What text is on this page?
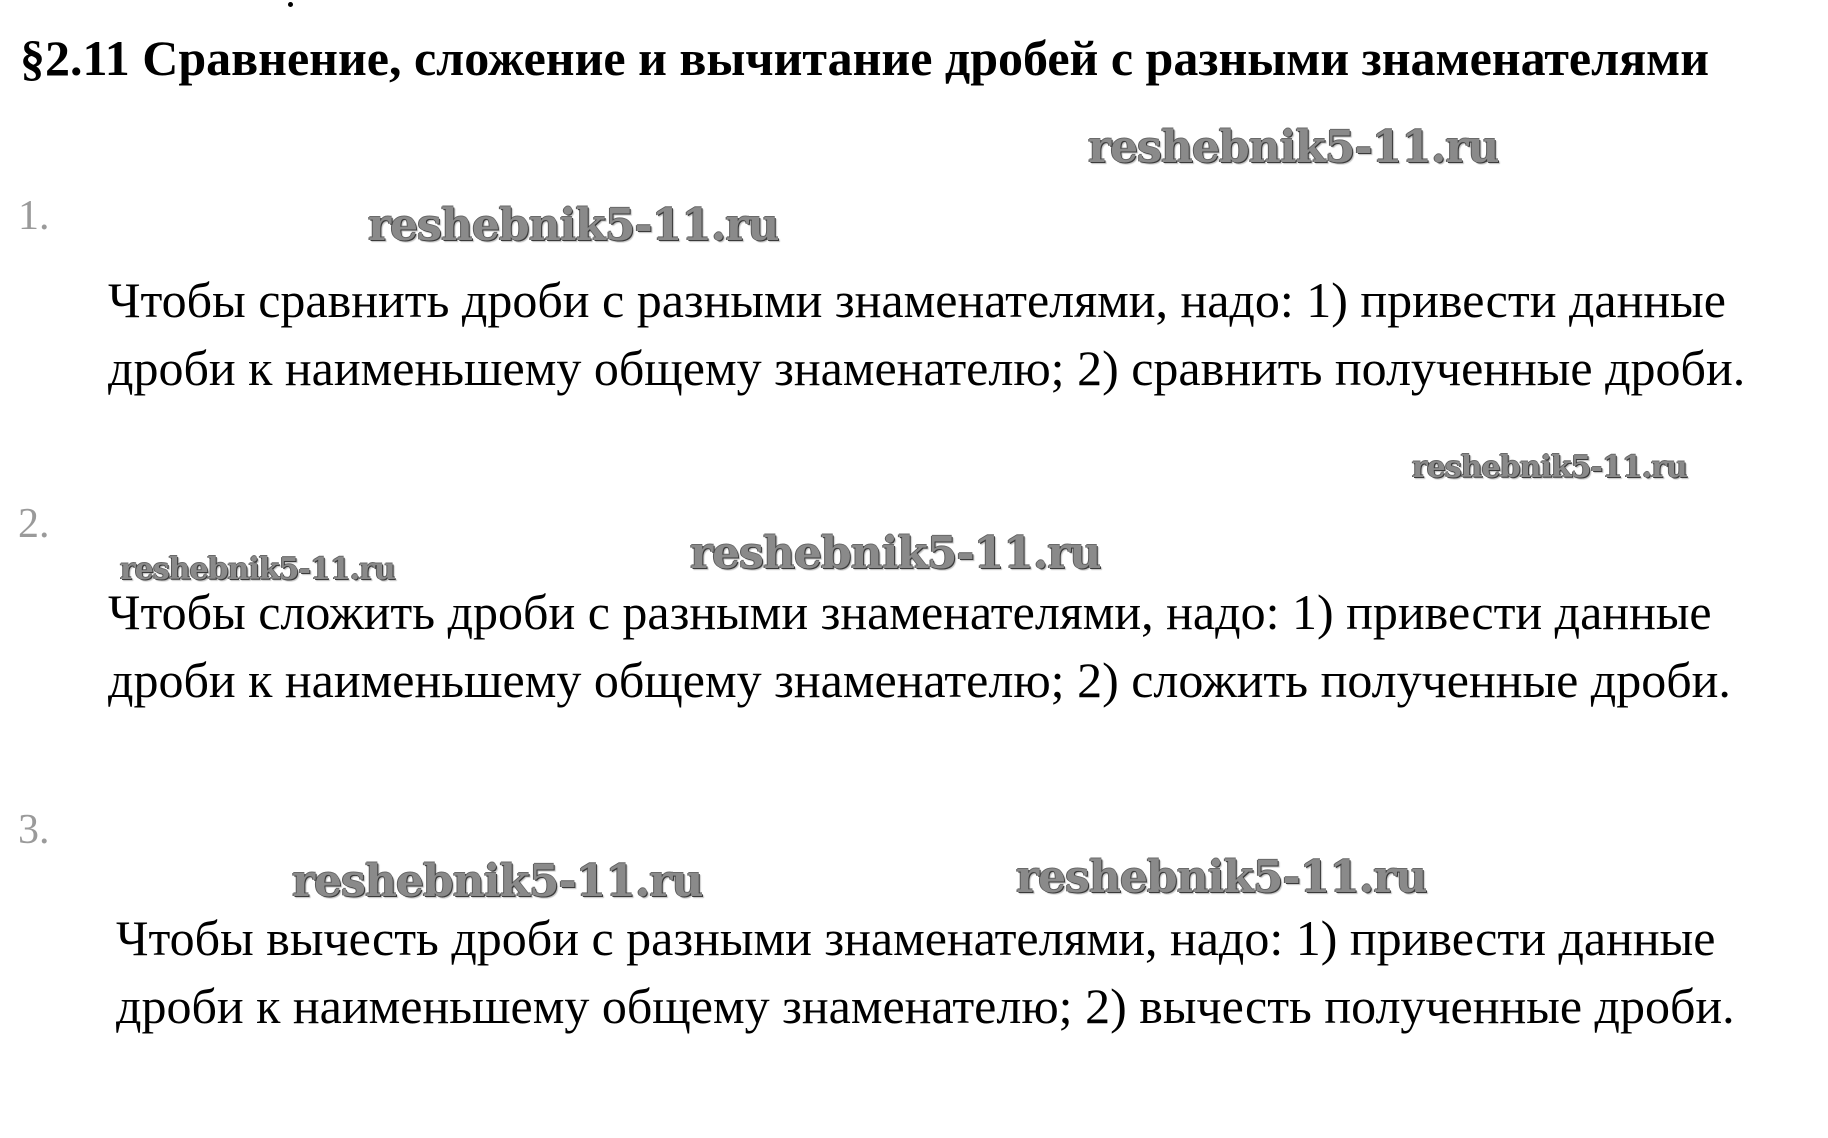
§2.11 Сравнение, сложение и вычитание дробей с разными знаменателями
reshebnik5-11.ru
reshebnik5-11.ru
reshebnik5-11.ru
reshebnik5-11.ru
reshebnik5-11.ru
reshebnik5-11.ru	reshebnik5-11.ru
1.

Чтобы сравнить дроби с разными знаменателями, надо: 1) привести данные дроби к наименьшему общему знаменателю; 2) сравнить полученные дроби.

2.

Чтобы сложить дроби с разными знаменателями, надо: 1) привести данные дроби к наименьшему общему знаменателю; 2) сложить полученные дроби.

3.

Чтобы вычесть дроби с разными знаменателями, надо: 1) привести данные дроби к наименьшему общему знаменателю; 2) вычесть полученные дроби.
